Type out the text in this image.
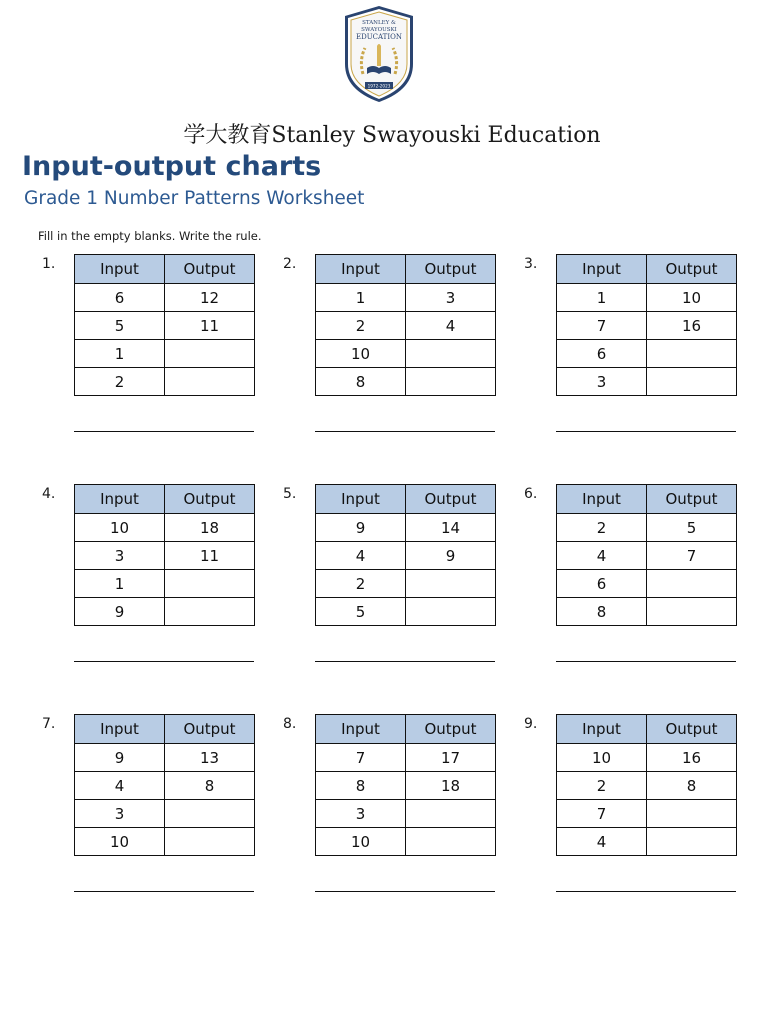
STANLEY &
SWAYOUSKI
EDUCATION
1972-2023
学大教育Stanley Swayouski Education
Input-output charts
Grade 1 Number Patterns Worksheet
Fill in the empty blanks. Write the rule.
1.	Input	Output
6	12
5	11
1	
2	
2.	Input	Output
1	3
2	4
10	
8	
3.	Input	Output
1	10
7	16
6	
3	
4.	Input	Output
10	18
3	11
1	
9	
5.	Input	Output
9	14
4	9
2	
5	
6.	Input	Output
2	5
4	7
6	
8	
7.	Input	Output
9	13
4	8
3	
10	
8.	Input	Output
7	17
8	18
3	
10	
9.	Input	Output
10	16
2	8
7	
4	
